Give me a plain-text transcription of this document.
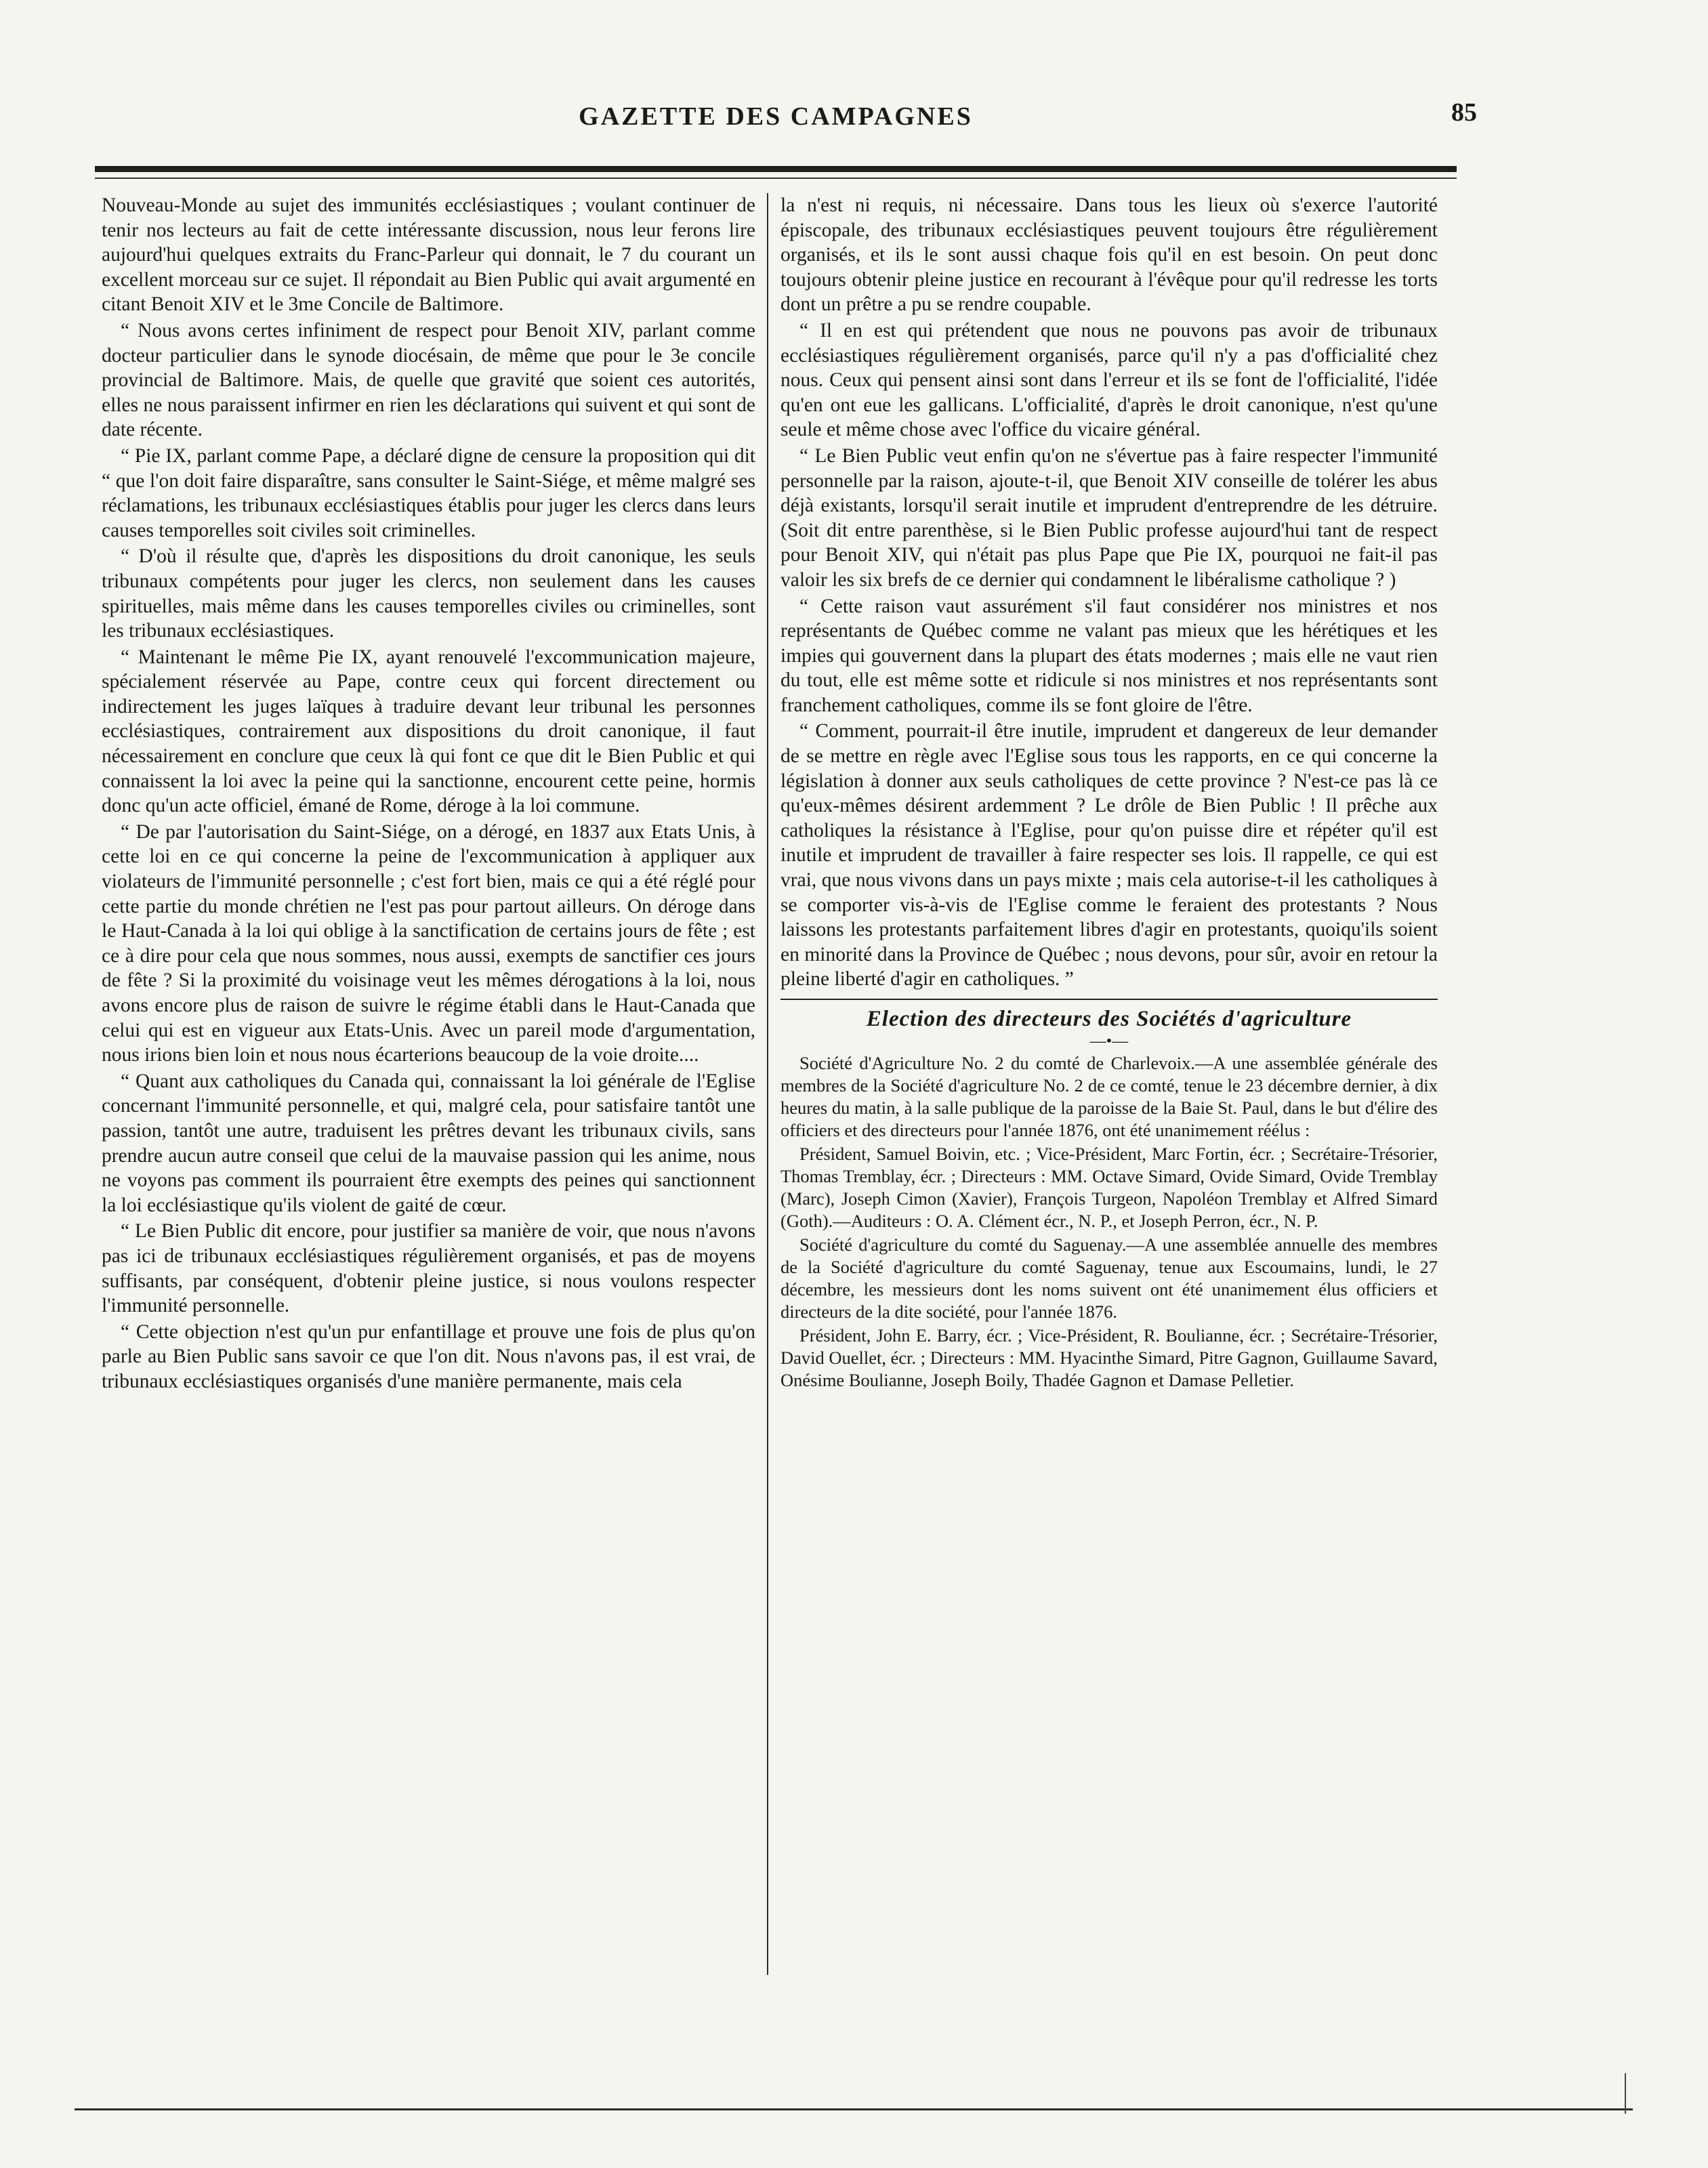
GAZETTE DES CAMPAGNES	85

Nouveau-Monde au sujet des immunités ecclésiastiques ; voulant continuer de tenir nos lecteurs au fait de cette intéressante discussion, nous leur ferons lire aujourd'hui quelques extraits du Franc-Parleur qui donnait, le 7 du courant un excellent morceau sur ce sujet. Il répondait au Bien Public qui avait argumenté en citant Benoit XIV et le 3me Concile de Baltimore.

“ Nous avons certes infiniment de respect pour Benoit XIV, parlant comme docteur particulier dans le synode diocésain, de même que pour le 3e concile provincial de Baltimore. Mais, de quelle que gravité que soient ces autorités, elles ne nous paraissent infirmer en rien les déclarations qui suivent et qui sont de date récente.

“ Pie IX, parlant comme Pape, a déclaré digne de censure la proposition qui dit “ que l'on doit faire disparaître, sans consulter le Saint-Siége, et même malgré ses réclamations, les tribunaux ecclésiastiques établis pour juger les clercs dans leurs causes temporelles soit civiles soit criminelles.

“ D'où il résulte que, d'après les dispositions du droit canonique, les seuls tribunaux compétents pour juger les clercs, non seulement dans les causes spirituelles, mais même dans les causes temporelles civiles ou criminelles, sont les tribunaux ecclésiastiques.

“ Maintenant le même Pie IX, ayant renouvelé l'excommunication majeure, spécialement réservée au Pape, contre ceux qui forcent directement ou indirectement les juges laïques à traduire devant leur tribunal les personnes ecclésiastiques, contrairement aux dispositions du droit canonique, il faut nécessairement en conclure que ceux là qui font ce que dit le Bien Public et qui connaissent la loi avec la peine qui la sanctionne, encourent cette peine, hormis donc qu'un acte officiel, émané de Rome, déroge à la loi commune.

“ De par l'autorisation du Saint-Siége, on a dérogé, en 1837 aux Etats Unis, à cette loi en ce qui concerne la peine de l'excommunication à appliquer aux violateurs de l'immunité personnelle ; c'est fort bien, mais ce qui a été réglé pour cette partie du monde chrétien ne l'est pas pour partout ailleurs. On déroge dans le Haut-Canada à la loi qui oblige à la sanctification de certains jours de fête ; est ce à dire pour cela que nous sommes, nous aussi, exempts de sanctifier ces jours de fête ? Si la proximité du voisinage veut les mêmes dérogations à la loi, nous avons encore plus de raison de suivre le régime établi dans le Haut-Canada que celui qui est en vigueur aux Etats-Unis. Avec un pareil mode d'argumentation, nous irions bien loin et nous nous écarterions beaucoup de la voie droite....

“ Quant aux catholiques du Canada qui, connaissant la loi générale de l'Eglise concernant l'immunité personnelle, et qui, malgré cela, pour satisfaire tantôt une passion, tantôt une autre, traduisent les prêtres devant les tribunaux civils, sans prendre aucun autre conseil que celui de la mauvaise passion qui les anime, nous ne voyons pas comment ils pourraient être exempts des peines qui sanctionnent la loi ecclésiastique qu'ils violent de gaité de cœur.

“ Le Bien Public dit encore, pour justifier sa manière de voir, que nous n'avons pas ici de tribunaux ecclésiastiques régulièrement organisés, et pas de moyens suffisants, par conséquent, d'obtenir pleine justice, si nous voulons respecter l'immunité personnelle.

“ Cette objection n'est qu'un pur enfantillage et prouve une fois de plus qu'on parle au Bien Public sans savoir ce que l'on dit. Nous n'avons pas, il est vrai, de tribunaux ecclésiastiques organisés d'une manière permanente, mais cela

la n'est ni requis, ni nécessaire. Dans tous les lieux où s'exerce l'autorité épiscopale, des tribunaux ecclésiastiques peuvent toujours être régulièrement organisés, et ils le sont aussi chaque fois qu'il en est besoin. On peut donc toujours obtenir pleine justice en recourant à l'évêque pour qu'il redresse les torts dont un prêtre a pu se rendre coupable.

“ Il en est qui prétendent que nous ne pouvons pas avoir de tribunaux ecclésiastiques régulièrement organisés, parce qu'il n'y a pas d'officialité chez nous. Ceux qui pensent ainsi sont dans l'erreur et ils se font de l'officialité, l'idée qu'en ont eue les gallicans. L'officialité, d'après le droit canonique, n'est qu'une seule et même chose avec l'office du vicaire général.

“ Le Bien Public veut enfin qu'on ne s'évertue pas à faire respecter l'immunité personnelle par la raison, ajoute-t-il, que Benoit XIV conseille de tolérer les abus déjà existants, lorsqu'il serait inutile et imprudent d'entreprendre de les détruire. (Soit dit entre parenthèse, si le Bien Public professe aujourd'hui tant de respect pour Benoit XIV, qui n'était pas plus Pape que Pie IX, pourquoi ne fait-il pas valoir les six brefs de ce dernier qui condamnent le libéralisme catholique ? )

“ Cette raison vaut assurément s'il faut considérer nos ministres et nos représentants de Québec comme ne valant pas mieux que les hérétiques et les impies qui gouvernent dans la plupart des états modernes ; mais elle ne vaut rien du tout, elle est même sotte et ridicule si nos ministres et nos représentants sont franchement catholiques, comme ils se font gloire de l'être.

“ Comment, pourrait-il être inutile, imprudent et dangereux de leur demander de se mettre en règle avec l'Eglise sous tous les rapports, en ce qui concerne la législation à donner aux seuls catholiques de cette province ? N'est-ce pas là ce qu'eux-mêmes désirent ardemment ? Le drôle de Bien Public ! Il prêche aux catholiques la résistance à l'Eglise, pour qu'on puisse dire et répéter qu'il est inutile et imprudent de travailler à faire respecter ses lois. Il rappelle, ce qui est vrai, que nous vivons dans un pays mixte ; mais cela autorise-t-il les catholiques à se comporter vis-à-vis de l'Eglise comme le feraient des protestants ? Nous laissons les protestants parfaitement libres d'agir en protestants, quoiqu'ils soient en minorité dans la Province de Québec ; nous devons, pour sûr, avoir en retour la pleine liberté d'agir en catholiques. ”

Election des directeurs des Sociétés d'agriculture

—•—

Société d'Agriculture No. 2 du comté de Charlevoix.—A une assemblée générale des membres de la Société d'agriculture No. 2 de ce comté, tenue le 23 décembre dernier, à dix heures du matin, à la salle publique de la paroisse de la Baie St. Paul, dans le but d'élire des officiers et des directeurs pour l'année 1876, ont été unanimement réélus :

Président, Samuel Boivin, etc. ; Vice-Président, Marc Fortin, écr. ; Secrétaire-Trésorier, Thomas Tremblay, écr. ; Directeurs : MM. Octave Simard, Ovide Simard, Ovide Tremblay (Marc), Joseph Cimon (Xavier), François Turgeon, Napoléon Tremblay et Alfred Simard (Goth).—Auditeurs : O. A. Clément écr., N. P., et Joseph Perron, écr., N. P.

Société d'agriculture du comté du Saguenay.—A une assemblée annuelle des membres de la Société d'agriculture du comté Saguenay, tenue aux Escoumains, lundi, le 27 décembre, les messieurs dont les noms suivent ont été unanimement élus officiers et directeurs de la dite société, pour l'année 1876.

Président, John E. Barry, écr. ; Vice-Président, R. Boulianne, écr. ; Secrétaire-Trésorier, David Ouellet, écr. ; Directeurs : MM. Hyacinthe Simard, Pitre Gagnon, Guillaume Savard, Onésime Boulianne, Joseph Boily, Thadée Gagnon et Damase Pelletier.
